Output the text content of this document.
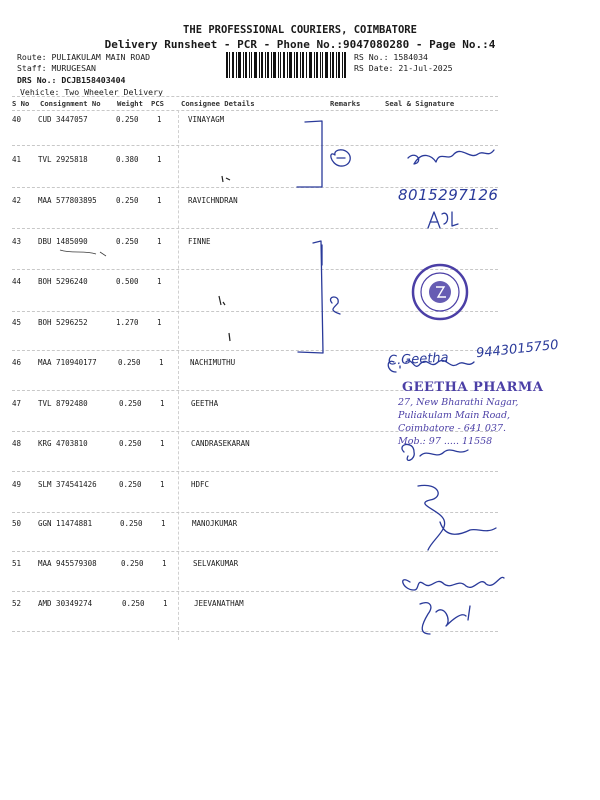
THE PROFESSIONAL COURIERS, COIMBATORE
Delivery Runsheet - PCR - Phone No.:9047080280 - Page No.:4
Route: PULIAKULAM MAIN ROAD
Staff: MURUGESAN
DRS No.: DCJB158403404
Vehicle: Two Wheeler Delivery
RS No.: 1584034
RS Date: 21-Jul-2025
S No Consignment No Weight PCS Consignee Details	Remarks	Seal & Signature
40 CUD 3447057	0.250 1	VINAYAGM
41 TVL 2925818	0.380 1
42 MAA 577803895	0.250 1	RAVICHNDRAN
43 DBU 1485090	0.250 1	FINNE
44 BOH 5296240	0.500 1
45 BOH 5296252	1.270 1
46 MAA 710940177	0.250 1	NACHIMUTHU
47 TVL 8792480	0.250 1	GEETHA
48 KRG 4703810	0.250 1	CANDRASEKARAN
49 SLM 374541426	0.250 1	HDFC
50 GGN 11474881	0.250 1	MANOJKUMAR
51 MAA 945579308	0.250 1	SELVAKUMAR
52 AMD 30349274	0.250 1	JEEVANATHAM
8015297126
C.Geetha 9443015750
GEETHA PHARMA
27, New Bharathi Nagar,
Puliakulam Main Road,
Coimbatore - 641 037.
Mob.: 97 ..... 11558
